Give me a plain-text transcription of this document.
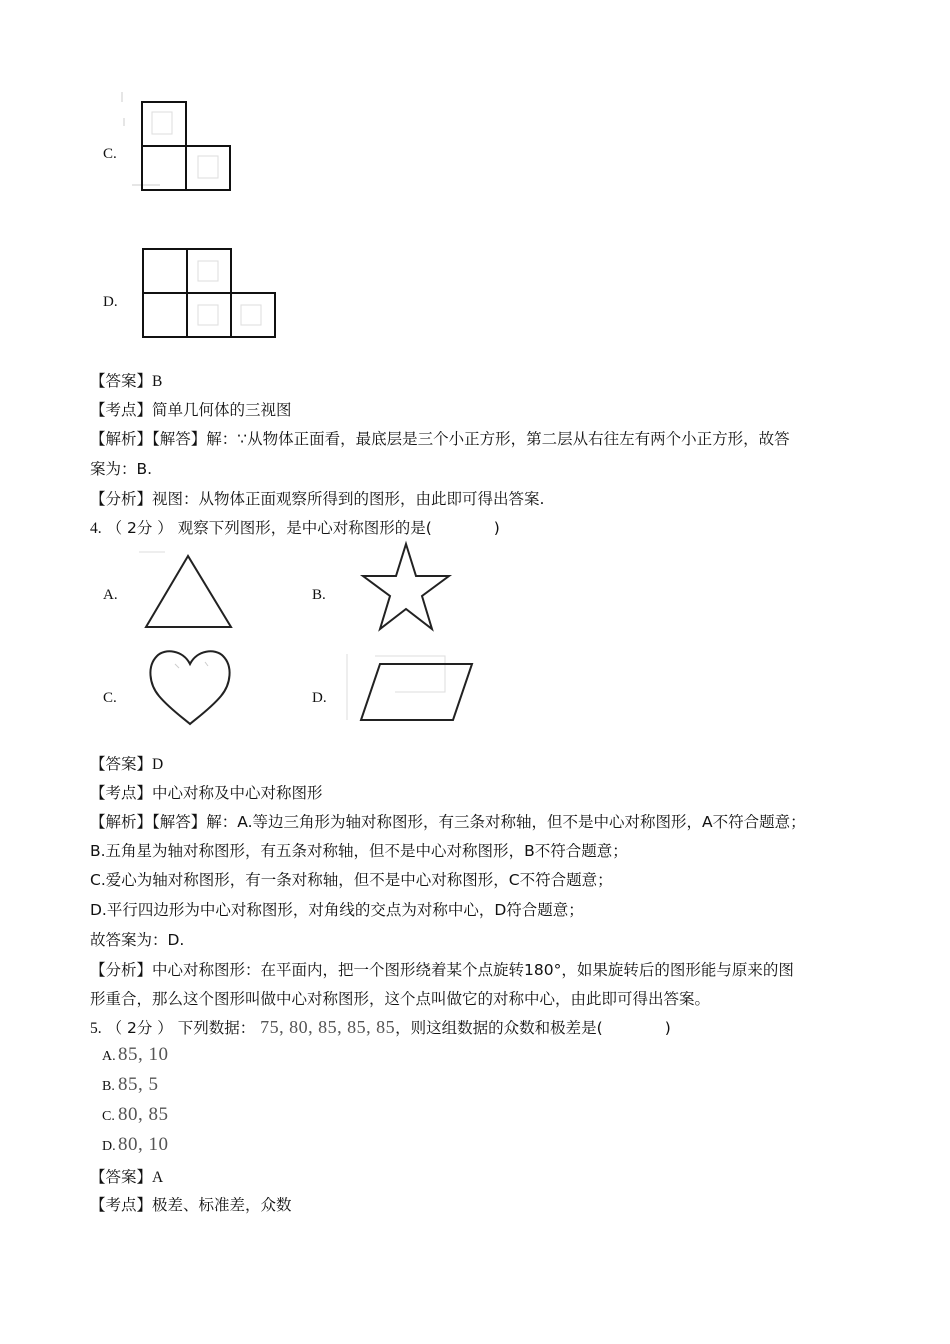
C.
D.
【答案】B
【考点】简单几何体的三视图
【解析】【解答】解：∵从物体正面看，最底层是三个小正方形，第二层从右往左有两个小正方形，故答
案为：B.
【分析】视图：从物体正面观察所得到的图形，由此即可得出答案.
4. （ 2分 ） 观察下列图形，是中心对称图形的是(	)
A.	B.
C.	D.
【答案】D
【考点】中心对称及中心对称图形
【解析】【解答】解：A.等边三角形为轴对称图形，有三条对称轴，但不是中心对称图形，A不符合题意；
B.五角星为轴对称图形，有五条对称轴，但不是中心对称图形，B不符合题意；
C.爱心为轴对称图形，有一条对称轴，但不是中心对称图形，C不符合题意；
D.平行四边形为中心对称图形，对角线的交点为对称中心，D符合题意；
故答案为：D.
【分析】中心对称图形：在平面内，把一个图形绕着某个点旋转180°，如果旋转后的图形能与原来的图
形重合，那么这个图形叫做中心对称图形，这个点叫做它的对称中心，由此即可得出答案。
5. （ 2分 ） 下列数据： 75, 80, 85, 85, 85，则这组数据的众数和极差是(	)
A. 85, 10
B. 85, 5
C. 80, 85
D. 80, 10
【答案】A
【考点】极差、标准差，众数
